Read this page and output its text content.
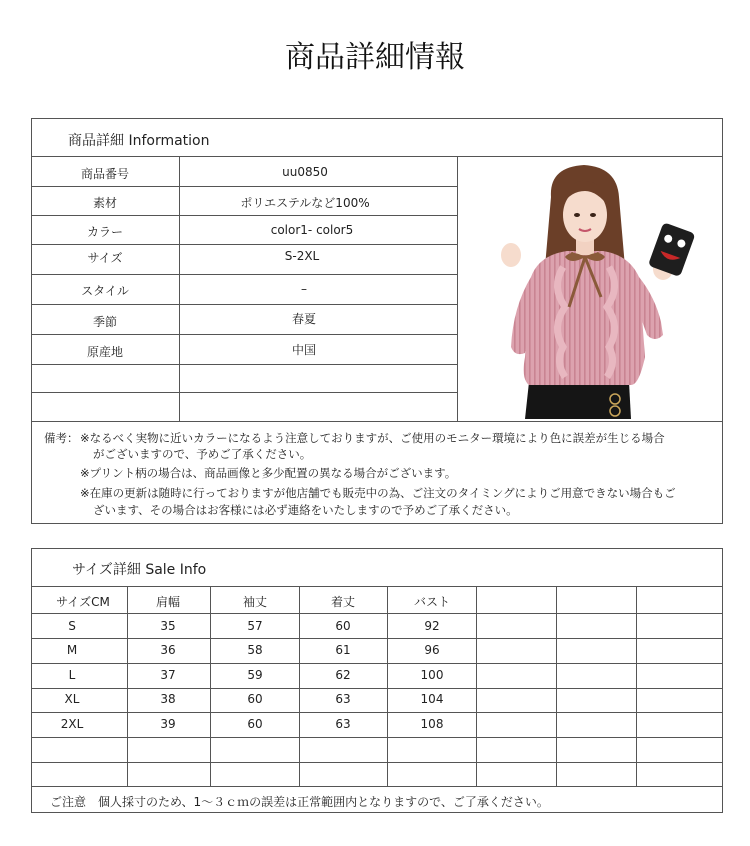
商品詳細情報
商品詳細 Information
商品番号	uu0850
素材	ポリエステルなど100%
カラー	color1- color5
サイズ	S-2XL
スタイル	–
季節	春夏
原産地	中国
備考： ※なるべく実物に近いカラーになるよう注意しておりますが、ご使用のモニター環境により色に誤差が生じる場合
がございますので、予めご了承ください。
※プリント柄の場合は、商品画像と多少配置の異なる場合がございます。
※在庫の更新は随時に行っておりますが他店舗でも販売中の為、ご注文のタイミングによりご用意できない場合もご
ざいます、その場合はお客様には必ず連絡をいたしますので予めご了承ください。
サイズ詳細 Sale Info
サイズCM	肩幅	袖丈	着丈	バスト
S	35	57	60	92
M	36	58	61	96
L	37	59	62	100
XL	38	60	63	104
2XL	39	60	63	108
ご注意　個人採寸のため、1～３ｃｍの誤差は正常範囲内となりますので、ご了承ください。
